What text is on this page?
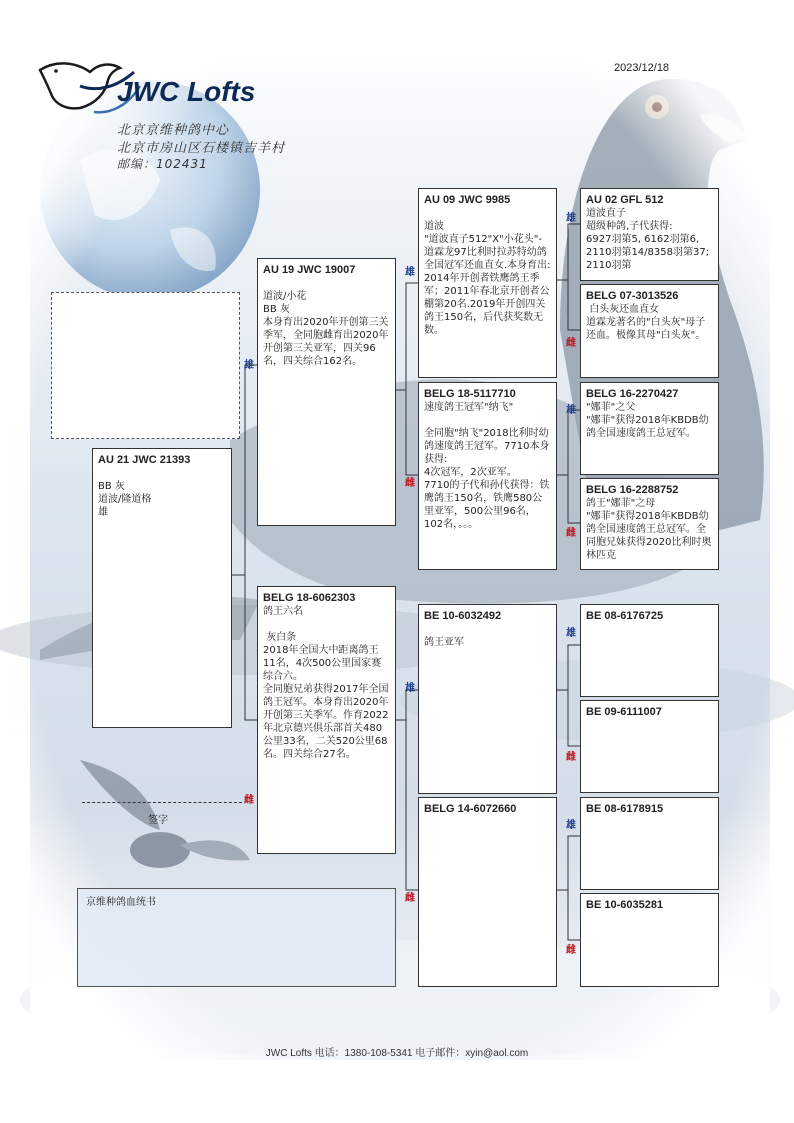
JWC Lofts
北京京维种鸽中心
北京市房山区石楼镇吉羊村
邮编：102431
2023/12/18
AU 21 JWC 21393
BB 灰
道波/隆道格
雄
AU 19 JWC 19007
道波/小花
BB 灰
本身育出2020年开创第三关季军，全同胞雌育出2020年开创第三关亚军，四关96名，四关综合162名。
BELG 18-6062303
鸽王六名

灰白条
2018年全国大中距离鸽王11名，4次500公里国家赛综合六。
全同胞兄弟获得2017年全国鸽王冠军。本身育出2020年开创第三关季军。作育2022年北京德兴俱乐部首关480公里33名，二关520公里68名。四关综合27名。
雄
雌
AU 09 JWC 9985

道波
"道波直子512"X"小花头"-道霖龙97比利时拉苏特幼鸽全国冠军还血直女.本身育出:
2014年开创者铁鹰鸽王季军；2011年春北京开创者公棚第20名.2019年开创四关鸽王150名，后代获奖数无数。
BELG 18-5117710
速度鸽王冠军"纳飞"

全同胞"纳飞"2018比利时幼鸽速度鸽王冠军。7710本身获得:
4次冠军，2次亚军。
7710的子代和孙代获得：铁鹰鸽王150名，铁鹰580公里亚军，500公里96名，102名，。。。
BE 10-6032492

鸽王亚军
BELG 14-6072660
雄
雌
雄
雌
AU 02 GFL 512
道波直子
超级种鸽,子代获得:
6927羽第5, 6162羽第6, 2110羽第14/8358羽第37; 2110羽第
BELG 07-3013526
白头灰还血直女
道霖龙著名的"白头灰"母子还血。极像其母"白头灰"。
BELG 16-2270427
"娜菲"之父
"娜菲"获得2018年KBDB幼鸽全国速度鸽王总冠军。
BELG 16-2288752
鸽王"娜菲"之母
"娜菲"获得2018年KBDB幼鸽全国速度鸽王总冠军。全同胞兄妹获得2020比利时奥林匹克
BE 08-6176725
BE 09-6111007
BE 08-6178915
BE 10-6035281
雄
雌
雄
雌
雄
雌
雄
雌
签字
京维种鸽血统书
JWC Lofts 电话：1380-108-5341 电子邮件：xyin@aol.com
